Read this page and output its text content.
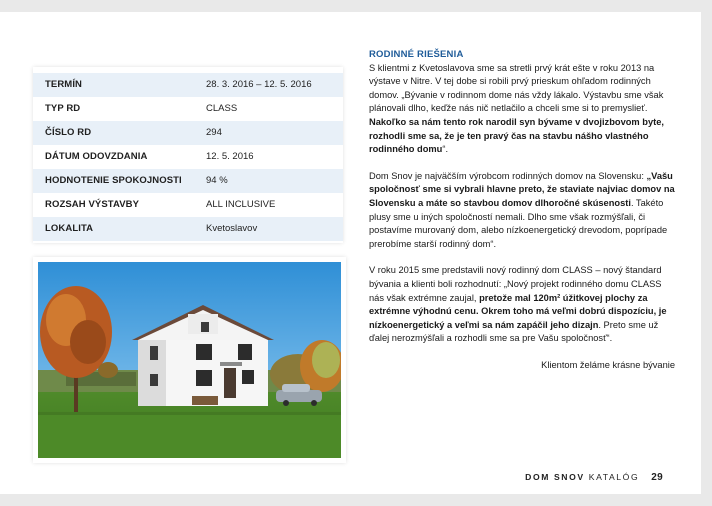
TERMÍN	28. 3. 2016 – 12. 5. 2016
TYP RD	CLASS
ČÍSLO RD	294
DÁTUM ODOVZDANIA	12. 5. 2016
HODNOTENIE SPOKOJNOSTI	94 %
ROZSAH VÝSTAVBY	ALL INCLUSIVE
LOKALITA	Kvetoslavov

RODINNÉ RIEŠENIA

S klientmi z Kvetoslavova sme sa stretli prvý krát ešte v roku 2013 na výstave v Nitre. V tej dobe si robili prvý prieskum ohľadom rodinných domov. „Bývanie v rodinnom dome nás vždy lákalo. Výstavbu sme však plánovali dlho, keďže nás nič netlačilo a chceli sme si to premyslieť. Nakoľko sa nám tento rok narodil syn bývame v dvojizbovom byte, rozhodli sme sa, že je ten pravý čas na stavbu nášho vlastného rodinného domu“.

Dom Snov je najväčším výrobcom rodinných domov na Slovensku: „Vašu spoločnosť sme si vybrali hlavne preto, že staviate najviac domov na Slovensku a máte so stavbou domov dlhoročné skúsenosti. Takéto plusy sme u iných spoločností nemali. Dlho sme však rozmýšľali, či postavíme murovaný dom, alebo nízkoenergetický drevodom, poprípade prerobíme starší rodinný dom“.

V roku 2015 sme predstavili nový rodinný dom CLASS – nový štandard bývania a klienti boli rozhodnutí: „Nový projekt rodinného domu CLASS nás však extrémne zaujal, pretože mal 120m² úžitkovej plochy za extrémne výhodnú cenu. Okrem toho má veľmi dobrú dispozíciu, je nízkoenergetický a veľmi sa nám zapáčil jeho dizajn. Preto sme už ďalej nerozmýšľali a rozhodli sme sa pre Vašu spoločnosť“.

Klientom želáme krásne bývanie

DOM SNOV KATALÓG 29
